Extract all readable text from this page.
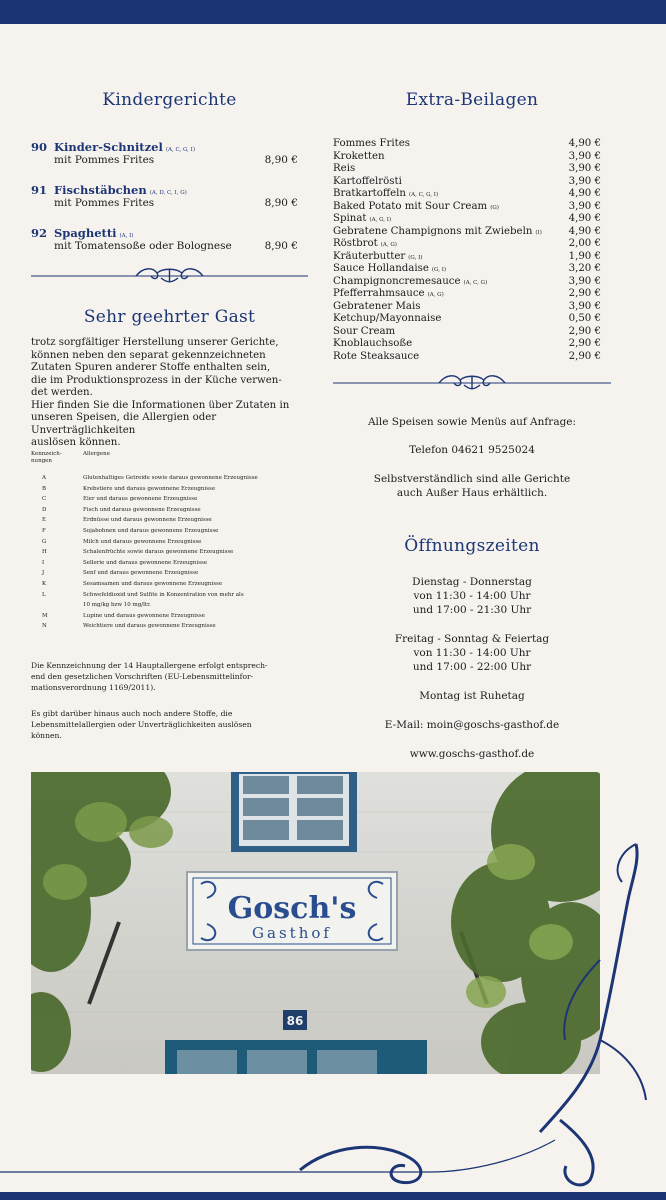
Kindergerichte
90 Kinder-Schnitzel (A, C, G, I)
mit Pommes Frites	8,90 €
91 Fischstäbchen (A, D, C, I, G)
mit Pommes Frites	8,90 €
92 Spaghetti (A, I)
mit Tomatensoße oder Bolognese	8,90 €
Sehr geehrter Gast
trotz sorgfältiger Herstellung unserer Gerichte,
können neben den separat gekennzeichneten
Zutaten Spuren anderer Stoffe enthalten sein,
die im Produktionsprozess in der Küche verwen-
det werden.
Hier finden Sie die Informationen über Zutaten in
unseren Speisen, die Allergien oder Unverträglichkeiten
auslösen können.
Kennzeich-
nungen
Allergene
A	Glutenhaltiges Getreide sowie daraus gewonnene Erzeugnisse
B	Krebstiere und daraus gewonnene Erzeugnisse
C	Eier und daraus gewonnene Erzeugnisse
D	Fisch und daraus gewonnene Erzeugnisse
E	Erdnüsse und daraus gewonnene Erzeugnisse
F	Sojabohnen und daraus gewonnene Erzeugnisse
G	Milch und daraus gewonnene Erzeugnisse
H	Schalenfrüchte sowie daraus gewonnene Erzeugnisse
I	Sellerie und daraus gewonnene Erzeugnisse
J	Senf und daraus gewonnene Erzeugnisse
K	Sesamsamen und daraus gewonnene Erzeugnisse
L	Schwefeldioxid und Sulfite in Konzentration von mehr als
10 mg/kg bzw 10 mg/ltr.
M	Lupine und daraus gewonnene Erzeugnisse
N	Weichtiere und daraus gewonnene Erzeugnisse
Die Kennzeichnung der 14 Hauptallergene erfolgt entsprech-
end den gesetzlichen Vorschriften (EU-Lebensmittelinfor-
mationsverordnung 1169/2011).
Es gibt darüber hinaus auch noch andere Stoffe, die
Lebensmittelallergien oder Unverträglichkeiten auslösen
können.
Extra-Beilagen
Fommes Frites	4,90 €
Kroketten	3,90 €
Reis	3,90 €
Kartoffelrösti	3,90 €
Bratkartoffeln (A, C, G, I)	4,90 €
Baked Potato mit Sour Cream (G)	3,90 €
Spinat (A, G, I)	4,90 €
Gebratene Champignons mit Zwiebeln (I)	4,90 €
Röstbrot (A, G)	2,00 €
Kräuterbutter (G, I)	1,90 €
Sauce Hollandaise (G, I)	3,20 €
Champignoncremesauce (A, C, G)	3,90 €
Pfefferrahmsauce (A, G)	2,90 €
Gebratener Mais	3,90 €
Ketchup/Mayonnaise	0,50 €
Sour Cream	2,90 €
Knoblauchsoße	2,90 €
Rote Steaksauce	2,90 €
Alle Speisen sowie Menüs auf Anfrage:
Telefon 04621 9525024
Selbstverständlich sind alle Gerichte
auch Außer Haus erhältlich.
Öffnungszeiten
Dienstag - Donnerstag
von 11:30 - 14:00 Uhr
und 17:00 - 21:30 Uhr
Freitag - Sonntag & Feiertag
von 11:30 - 14:00 Uhr
und 17:00 - 22:00 Uhr
Montag ist Ruhetag
E-Mail: moin@goschs-gasthof.de
www.goschs-gasthof.de
Gosch's
Gasthof
86
